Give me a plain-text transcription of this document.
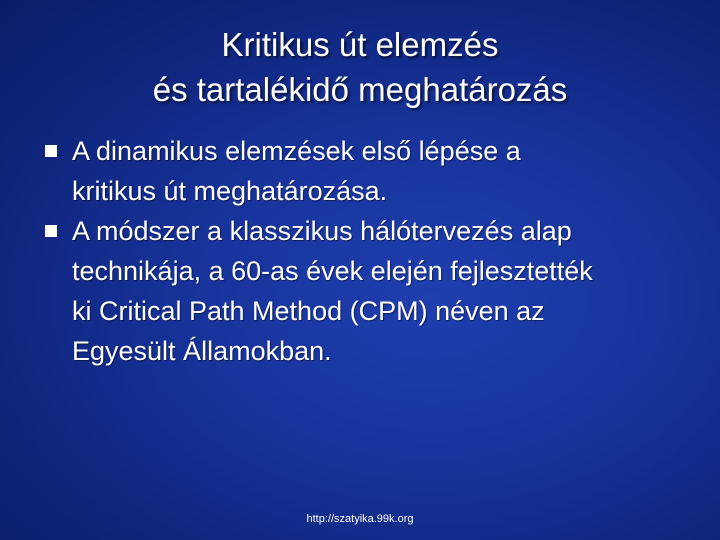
Kritikus út elemzés
és tartalékidő meghatározás
A dinamikus elemzések első lépése a
kritikus út meghatározása.
A módszer a klasszikus hálótervezés alap
technikája, a 60-as évek elején fejlesztették
ki Critical Path Method (CPM) néven az
Egyesült Államokban.
http://szatyika.99k.org
